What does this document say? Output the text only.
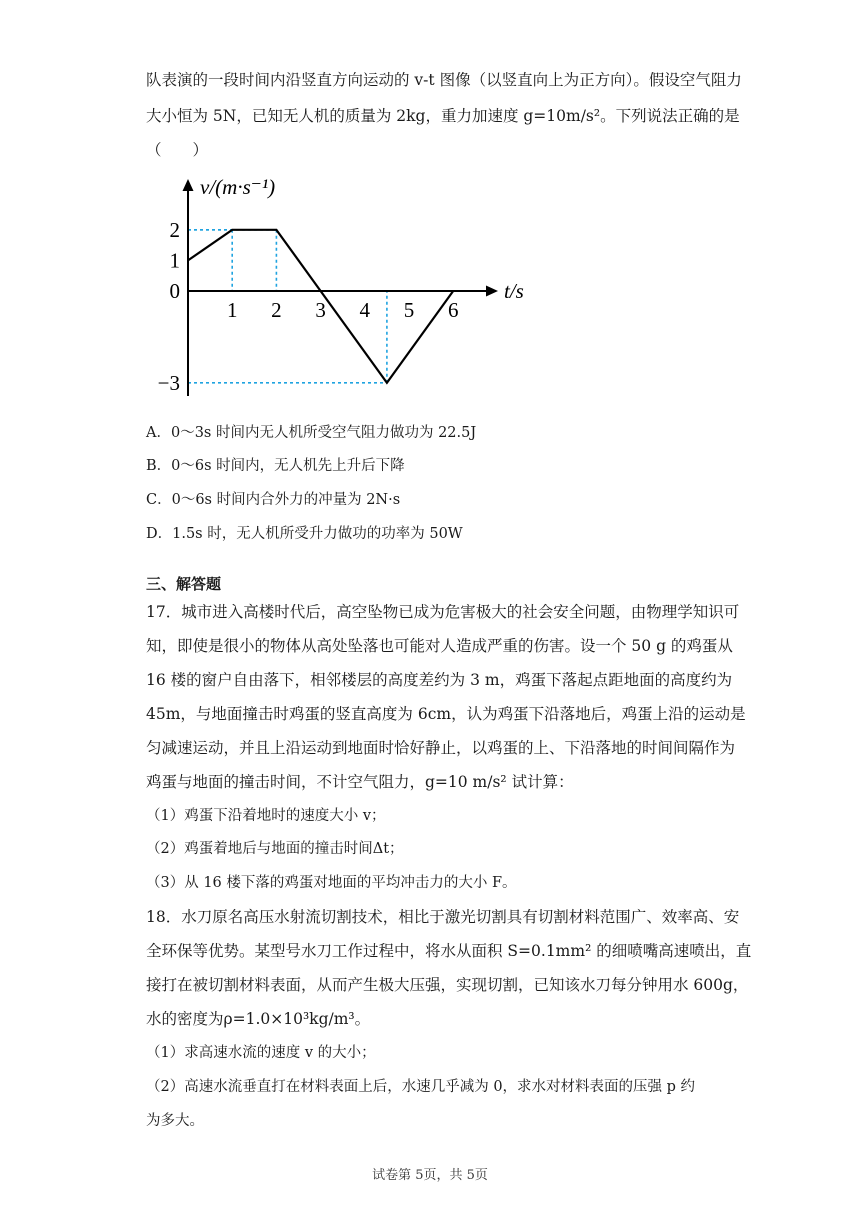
队表演的一段时间内沿竖直方向运动的 v-t 图像（以竖直向上为正方向）。假设空气阻力
大小恒为 5N，已知无人机的质量为 2kg，重力加速度 g=10m/s²。下列说法正确的是
（　　）
2
1
0
−3
1 2 3 4 5 6
v/(m·s⁻¹)
t/s
A．0～3s 时间内无人机所受空气阻力做功为 22.5J
B．0～6s 时间内，无人机先上升后下降
C．0～6s 时间内合外力的冲量为 2N·s
D．1.5s 时，无人机所受升力做功的功率为 50W
三、解答题
17．城市进入高楼时代后，高空坠物已成为危害极大的社会安全问题，由物理学知识可
知，即使是很小的物体从高处坠落也可能对人造成严重的伤害。设一个 50 g 的鸡蛋从
16 楼的窗户自由落下，相邻楼层的高度差约为 3 m，鸡蛋下落起点距地面的高度约为
45m，与地面撞击时鸡蛋的竖直高度为 6cm，认为鸡蛋下沿落地后，鸡蛋上沿的运动是
匀减速运动，并且上沿运动到地面时恰好静止，以鸡蛋的上、下沿落地的时间间隔作为
鸡蛋与地面的撞击时间，不计空气阻力，g=10 m/s² 试计算：
（1）鸡蛋下沿着地时的速度大小 v；
（2）鸡蛋着地后与地面的撞击时间Δt；
（3）从 16 楼下落的鸡蛋对地面的平均冲击力的大小 F。
18．水刀原名高压水射流切割技术，相比于激光切割具有切割材料范围广、效率高、安
全环保等优势。某型号水刀工作过程中，将水从面积 S=0.1mm² 的细喷嘴高速喷出，直
接打在被切割材料表面，从而产生极大压强，实现切割，已知该水刀每分钟用水 600g，
水的密度为ρ=1.0×10³kg/m³。
（1）求高速水流的速度 v 的大小；
（2）高速水流垂直打在材料表面上后，水速几乎减为 0，求水对材料表面的压强 p 约
为多大。
试卷第 5页，共 5页
